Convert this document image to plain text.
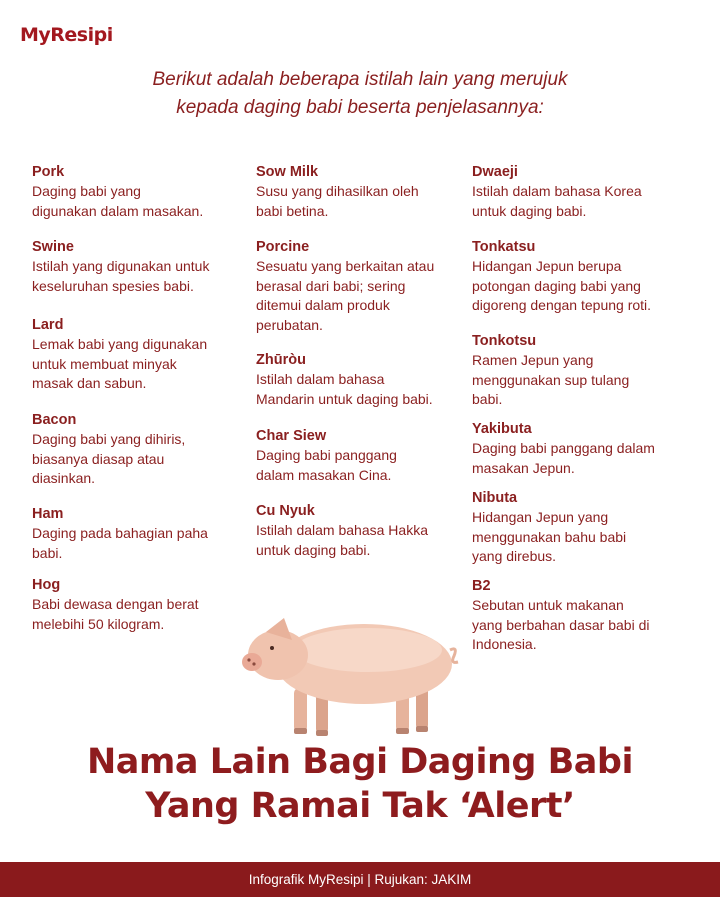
MyResipi
Berikut adalah beberapa istilah lain yang merujuk
kepada daging babi beserta penjelasannya:
Pork
Daging babi yang
digunakan dalam masakan.
Swine
Istilah yang digunakan untuk
keseluruhan spesies babi.
Lard
Lemak babi yang digunakan
untuk membuat minyak
masak dan sabun.
Bacon
Daging babi yang dihiris,
biasanya diasap atau
diasinkan.
Ham
Daging pada bahagian paha
babi.
Hog
Babi dewasa dengan berat
melebihi 50 kilogram.
Sow Milk
Susu yang dihasilkan oleh
babi betina.
Porcine
Sesuatu yang berkaitan atau
berasal dari babi; sering
ditemui dalam produk
perubatan.
Zhūròu
Istilah dalam bahasa
Mandarin untuk daging babi.
Char Siew
Daging babi panggang
dalam masakan Cina.
Cu Nyuk
Istilah dalam bahasa Hakka
untuk daging babi.
Dwaeji
Istilah dalam bahasa Korea
untuk daging babi.
Tonkatsu
Hidangan Jepun berupa
potongan daging babi yang
digoreng dengan tepung roti.
Tonkotsu
Ramen Jepun yang
menggunakan sup tulang
babi.
Yakibuta
Daging babi panggang dalam
masakan Jepun.
Nibuta
Hidangan Jepun yang
menggunakan bahu babi
yang direbus.
B2
Sebutan untuk makanan
yang berbahan dasar babi di
Indonesia.
Nama Lain Bagi Daging Babi
Yang Ramai Tak ‘Alert’
Infografik MyResipi | Rujukan: JAKIM
